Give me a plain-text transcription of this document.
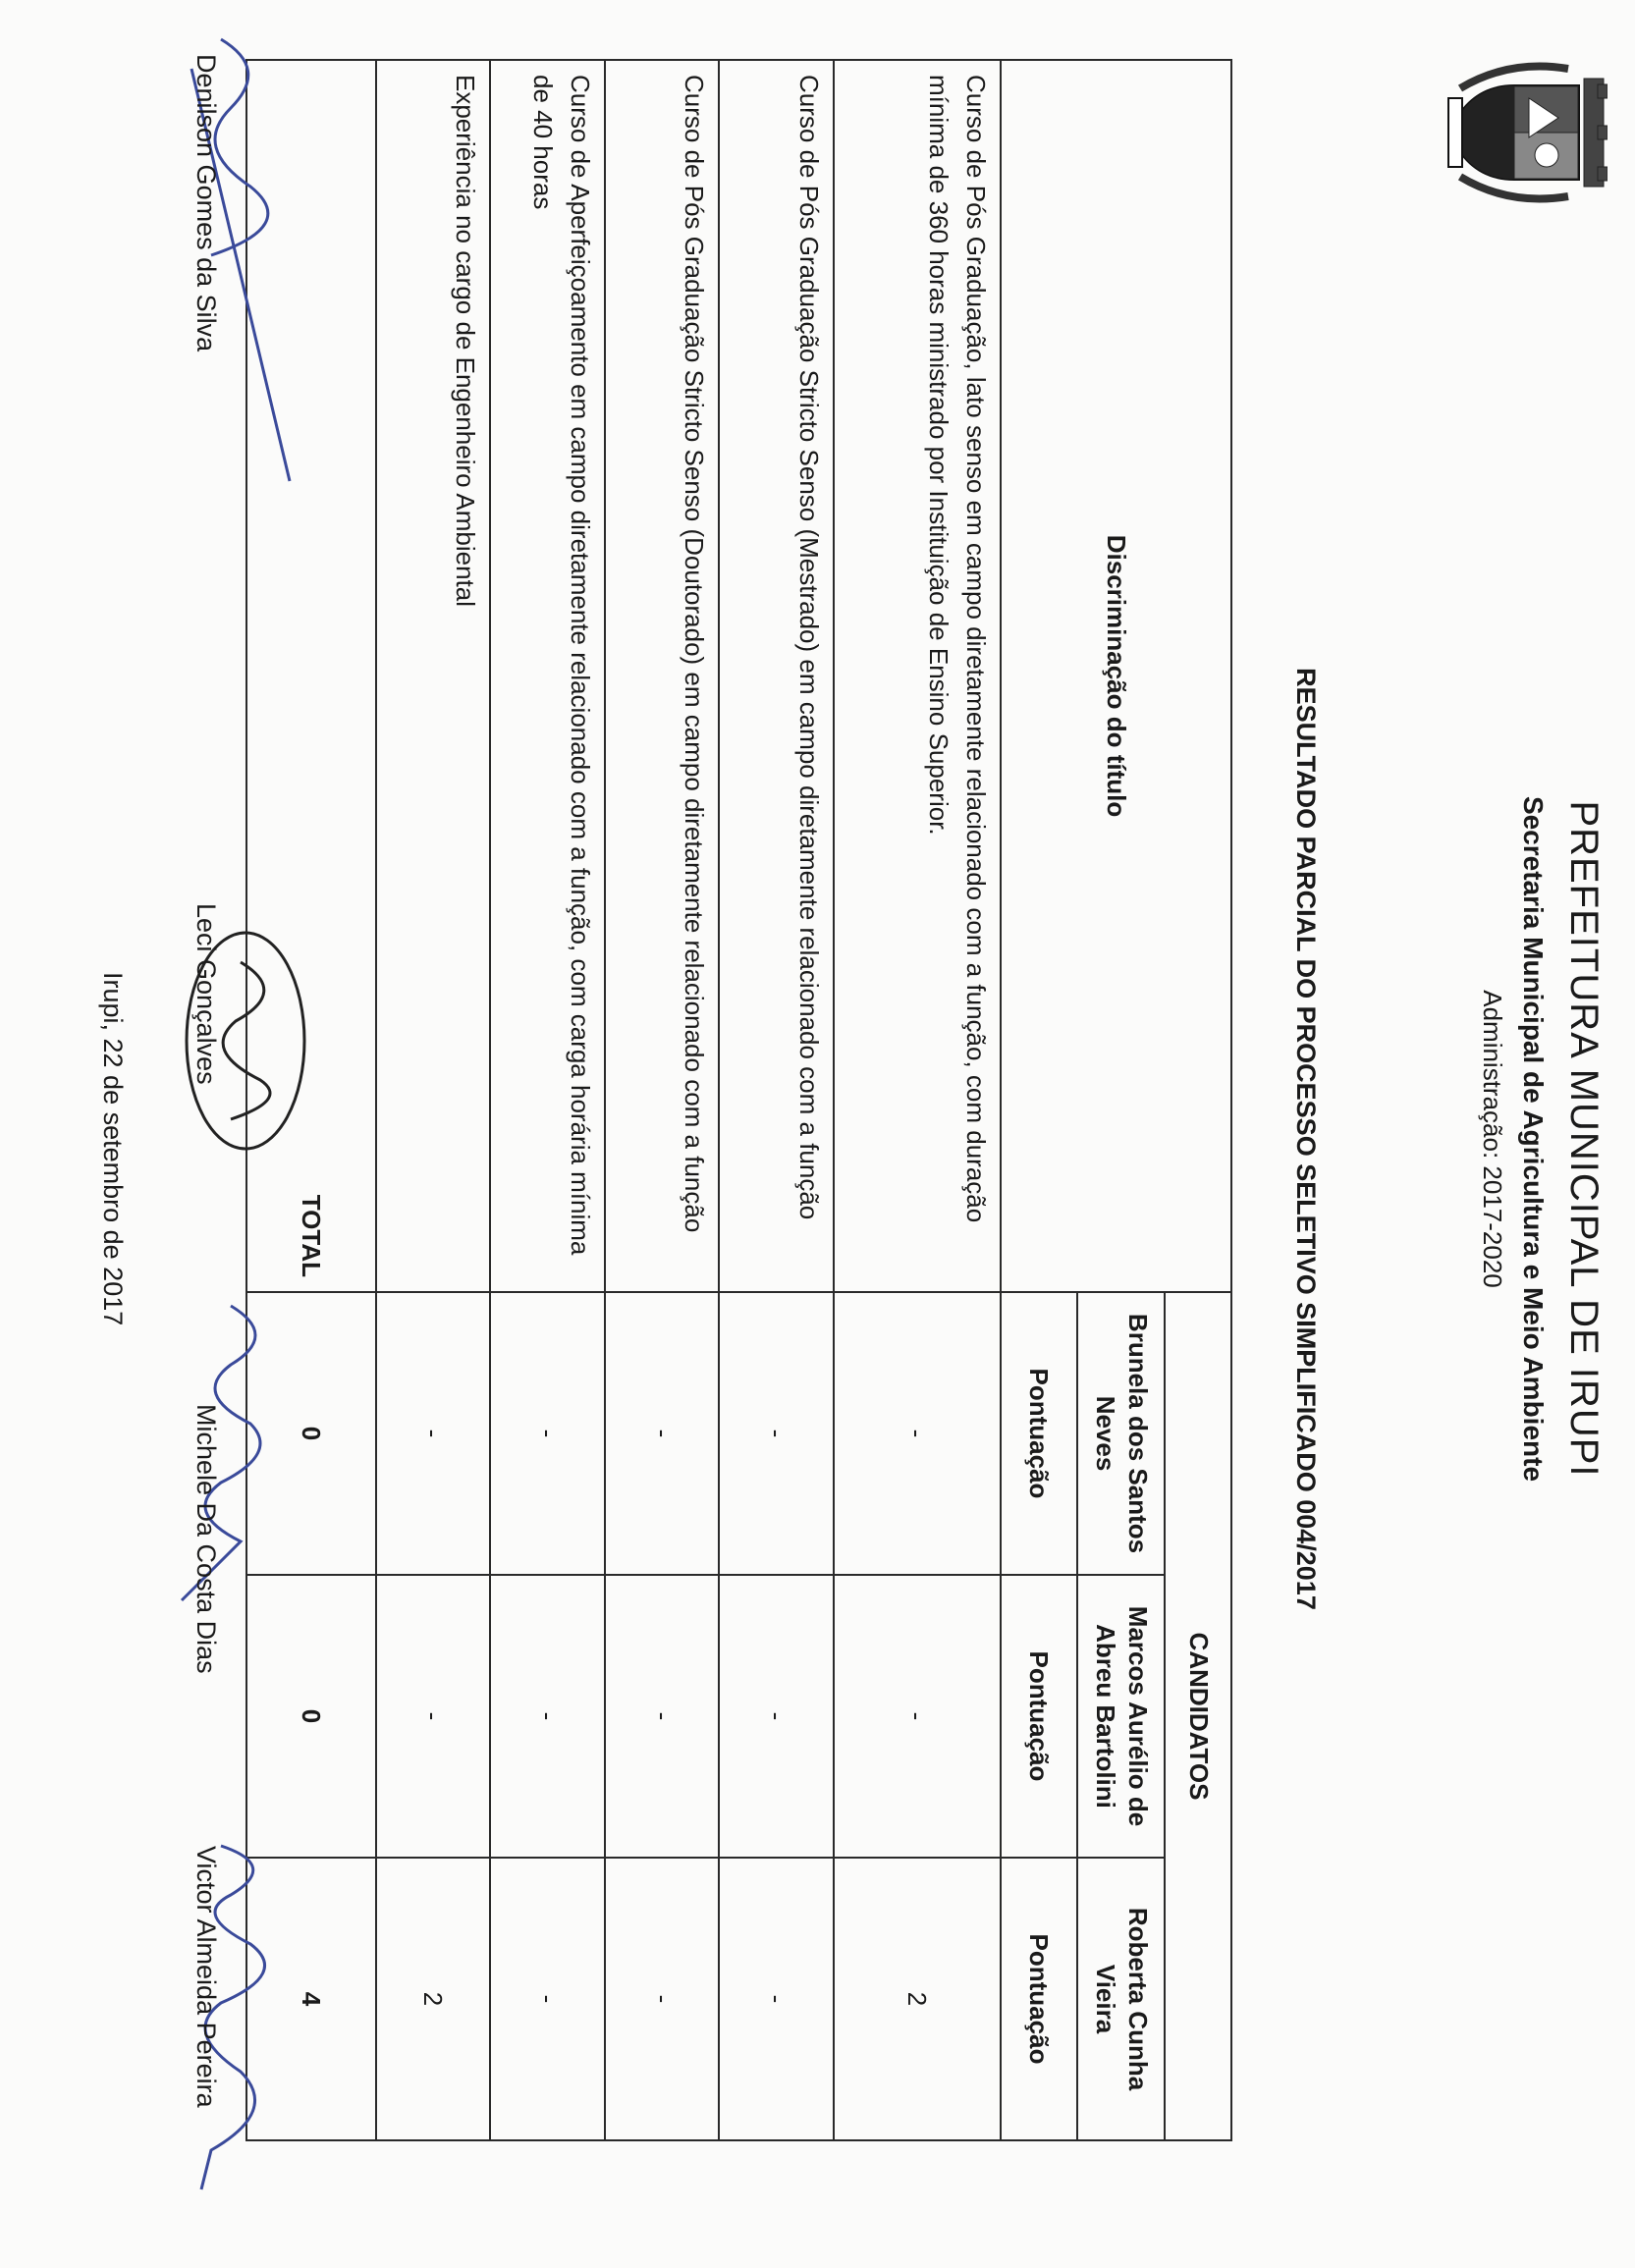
PREFEITURA MUNICIPAL DE IRUPI
Secretaria Municipal de Agricultura e Meio Ambiente
Administração: 2017-2020
RESULTADO PARCIAL DO PROCESSO SELETIVO SIMPLIFICADO 004/2017
Discriminação do título	CANDIDATOS		
	Brunela dos Santos Neves	Marcos Aurélio de Abreu Bartolini	Roberta Cunha Vieira
	Pontuação	Pontuação	Pontuação
Curso de Pós Graduação, lato senso em campo diretamente relacionado com a função, com duração mínima de 360 horas ministrado por Instituição de Ensino Superior.	-	-	2
Curso de Pós Graduação Stricto Senso (Mestrado) em campo diretamente relacionado com a função	-	-	-
Curso de Pós Graduação Stricto Senso (Doutorado) em campo diretamente relacionado com a função	-	-	-
Curso de Aperfeiçoamento em campo diretamente relacionado com a função, com carga horária mínima de 40 horas	-	-	-
Experiência no cargo de Engenheiro Ambiental	-	-	2
TOTAL	0	0	4
Denilson Gomes da Silva
Leci Gonçalves
Michele Da Costa Dias
Victor Almeida Pereira
Irupi, 22 de setembro de 2017
